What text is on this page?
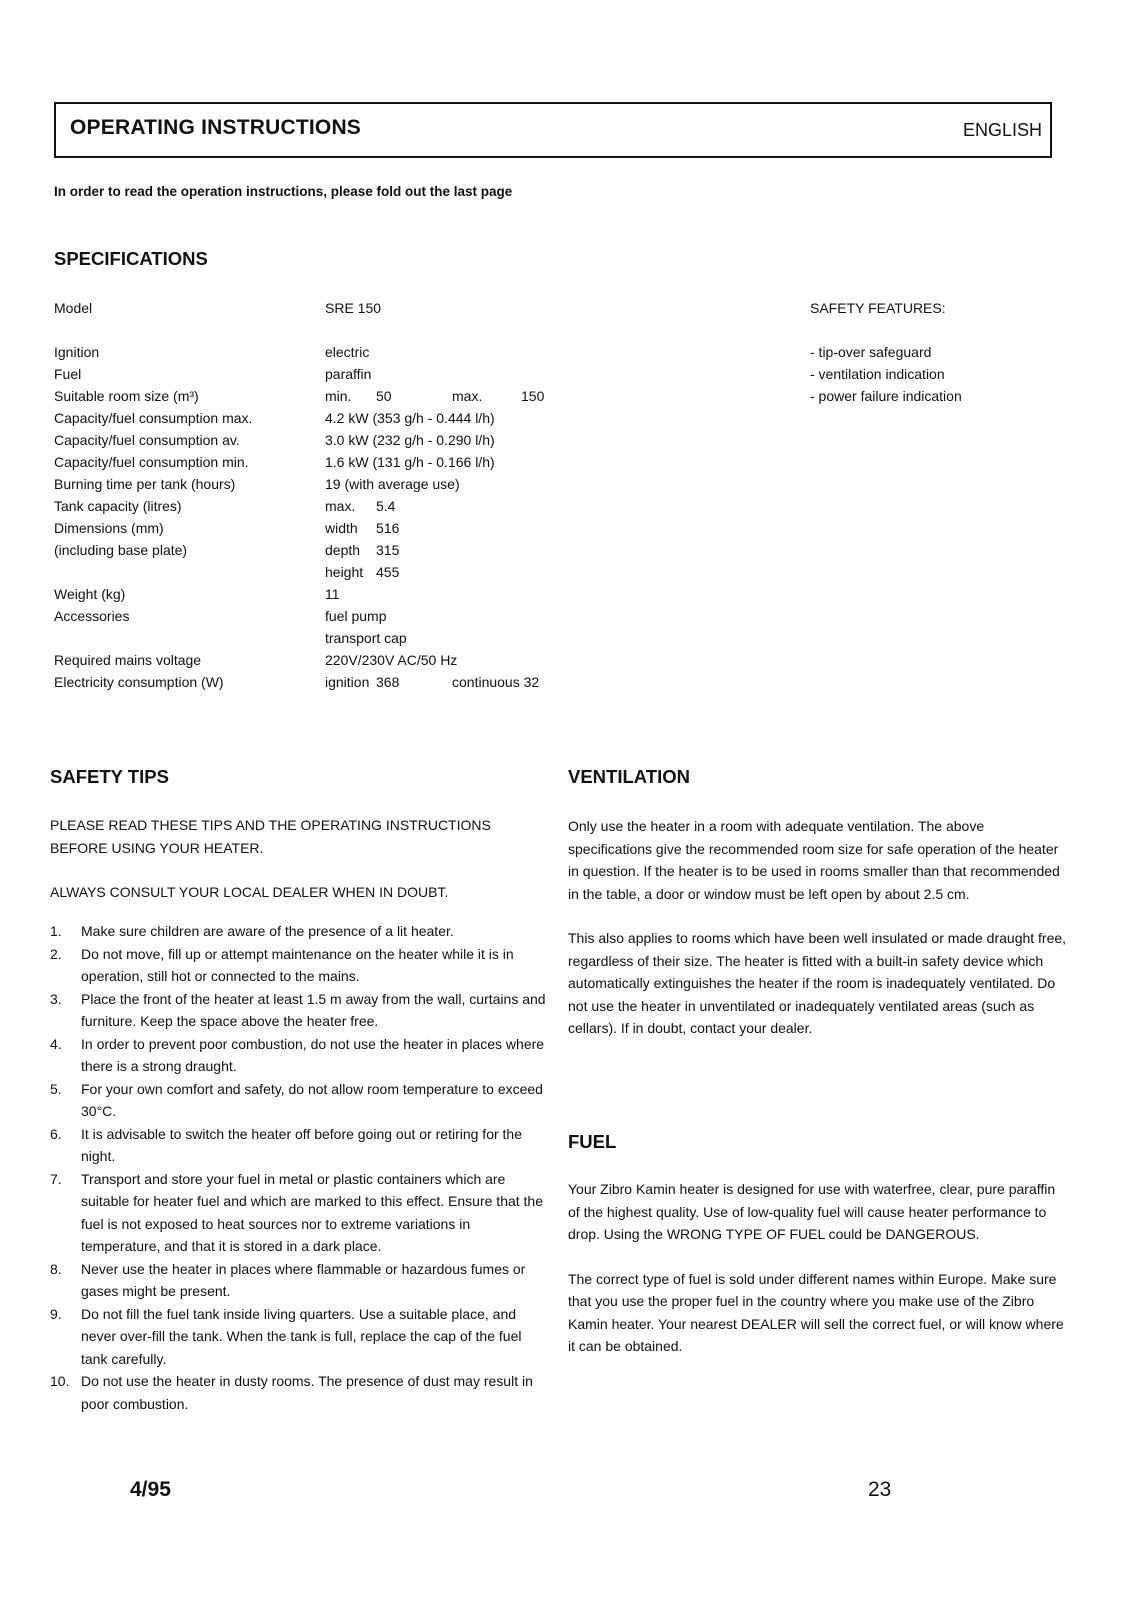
OPERATING INSTRUCTIONS	ENGLISH
In order to read the operation instructions, please fold out the last page
SPECIFICATIONS
Model	SRE 150
Ignition	electric
Fuel	paraffin
Suitable room size (m³)	min. 50	max.	150
Capacity/fuel consumption max.	4.2 kW (353 g/h - 0.444 l/h)
Capacity/fuel consumption av.	3.0 kW (232 g/h - 0.290 l/h)
Capacity/fuel consumption min.	1.6 kW (131 g/h - 0.166 l/h)
Burning time per tank (hours)	19 (with average use)
Tank capacity (litres)	max. 5.4
Dimensions (mm)	width 516
(including base plate)	depth 315
height 455
Weight (kg)	11
Accessories	fuel pump
transport cap
Required mains voltage	220V/230V AC/50 Hz
Electricity consumption (W)	ignition 368	continuous 32
SAFETY FEATURES:
- tip-over safeguard
- ventilation indication
- power failure indication
SAFETY TIPS

PLEASE READ THESE TIPS AND THE OPERATING INSTRUCTIONS BEFORE USING YOUR HEATER.

ALWAYS CONSULT YOUR LOCAL DEALER WHEN IN DOUBT.

1.	Make sure children are aware of the presence of a lit heater.
2.	Do not move, fill up or attempt maintenance on the heater while it is in operation, still hot or connected to the mains.
3.	Place the front of the heater at least 1.5 m away from the wall, curtains and furniture. Keep the space above the heater free.
4.	In order to prevent poor combustion, do not use the heater in places where there is a strong draught.
5.	For your own comfort and safety, do not allow room temperature to exceed 30°C.
6.	It is advisable to switch the heater off before going out or retiring for the night.
7.	Transport and store your fuel in metal or plastic containers which are suitable for heater fuel and which are marked to this effect. Ensure that the fuel is not exposed to heat sources nor to extreme variations in temperature, and that it is stored in a dark place.
8.	Never use the heater in places where flammable or hazardous fumes or gases might be present.
9.	Do not fill the fuel tank inside living quarters. Use a suitable place, and never over-fill the tank. When the tank is full, replace the cap of the fuel tank carefully.
10. Do not use the heater in dusty rooms. The presence of dust may result in poor combustion.
VENTILATION

Only use the heater in a room with adequate ventilation. The above specifications give the recommended room size for safe operation of the heater in question. If the heater is to be used in rooms smaller than that recommended in the table, a door or window must be left open by about 2.5 cm.

This also applies to rooms which have been well insulated or made draught free, regardless of their size. The heater is fitted with a built-in safety device which automatically extinguishes the heater if the room is inadequately ventilated. Do not use the heater in unventilated or inadequately ventilated areas (such as cellars). If in doubt, contact your dealer.

FUEL

Your Zibro Kamin heater is designed for use with waterfree, clear, pure paraffin of the highest quality. Use of low-quality fuel will cause heater performance to drop. Using the WRONG TYPE OF FUEL could be DANGEROUS.

The correct type of fuel is sold under different names within Europe. Make sure that you use the proper fuel in the country where you make use of the Zibro Kamin heater. Your nearest DEALER will sell the correct fuel, or will know where it can be obtained.

4/95	23
